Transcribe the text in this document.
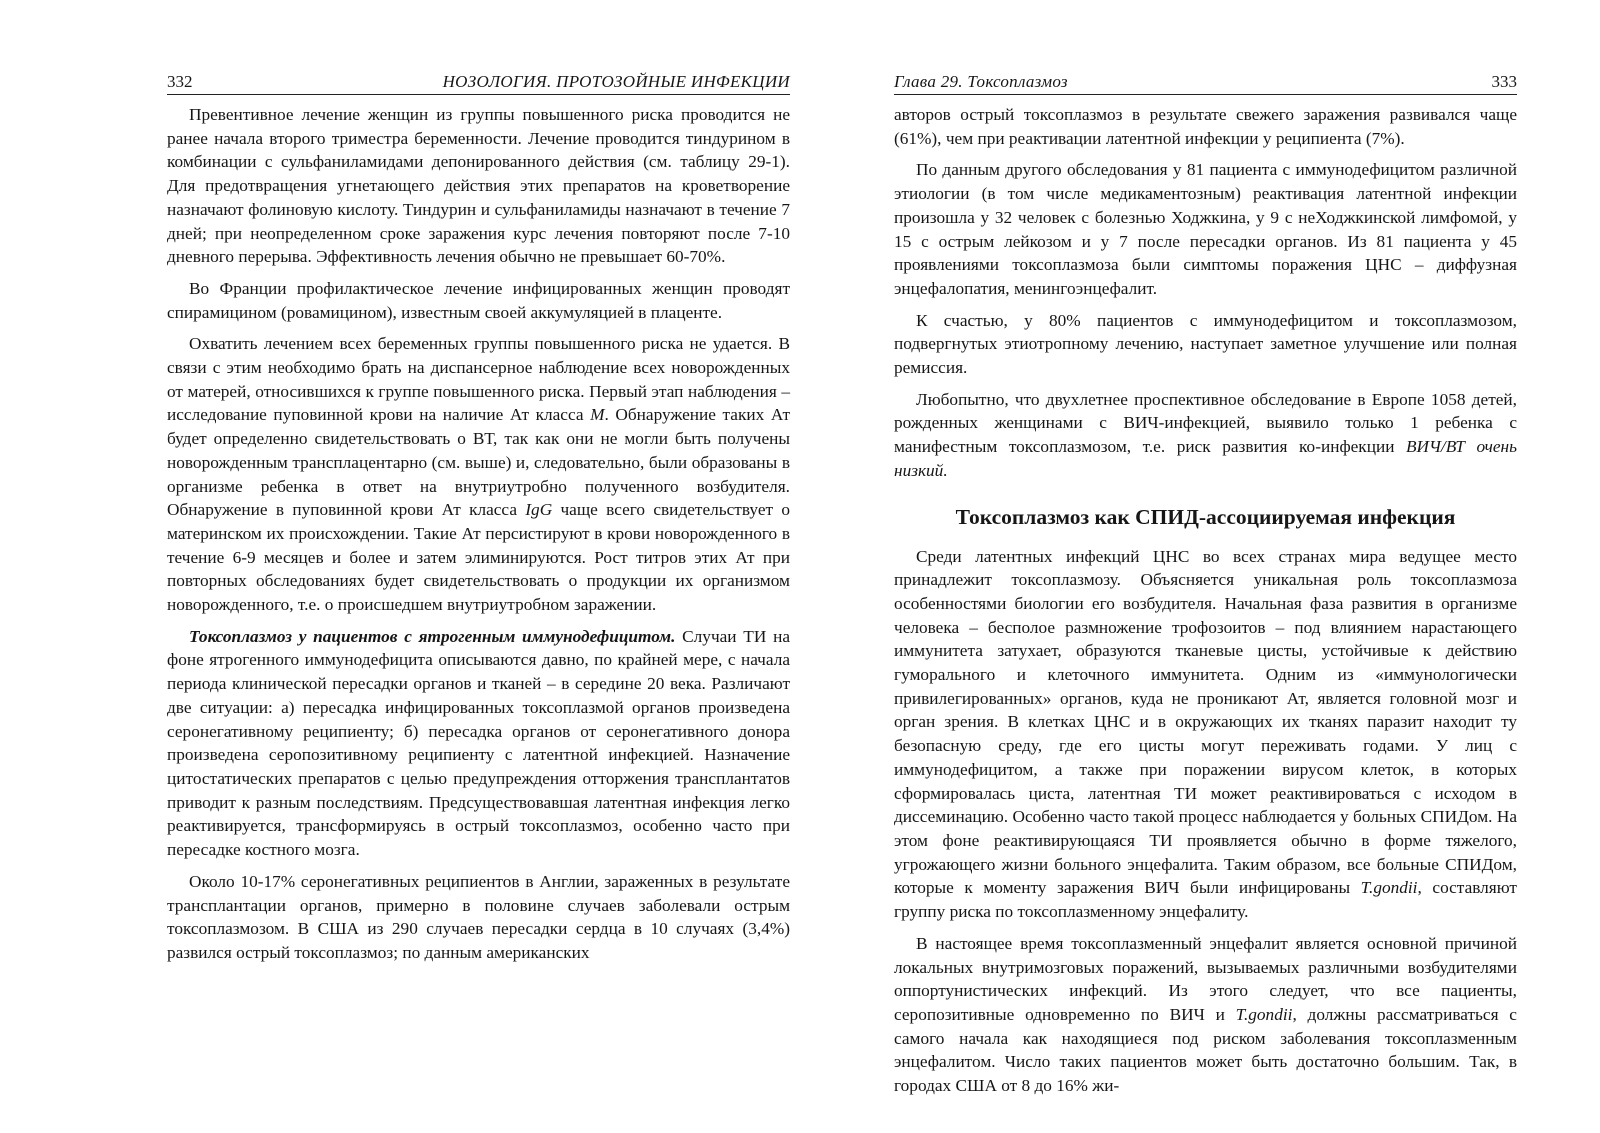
332	НОЗОЛОГИЯ. ПРОТОЗОЙНЫЕ ИНФЕКЦИИ

Превентивное лечение женщин из группы повышенного риска проводится не ранее начала второго триместра беременности. Лечение проводится тиндурином в комбинации с сульфаниламидами депонированного действия (см. таблицу 29-1). Для предотвращения угнетающего действия этих препаратов на кроветворение назначают фолиновую кислоту. Тиндурин и сульфаниламиды назначают в течение 7 дней; при неопределенном сроке заражения курс лечения повторяют после 7-10 дневного перерыва. Эффективность лечения обычно не превышает 60-70%.

Во Франции профилактическое лечение инфицированных женщин проводят спирамицином (ровамицином), известным своей аккумуляцией в плаценте.

Охватить лечением всех беременных группы повышенного риска не удается. В связи с этим необходимо брать на диспансерное наблюдение всех новорожденных от матерей, относившихся к группе повышенного риска. Первый этап наблюдения – исследование пуповинной крови на наличие Ат класса M. Обнаружение таких Ат будет определенно свидетельствовать о ВТ, так как они не могли быть получены новорожденным трансплацентарно (см. выше) и, следовательно, были образованы в организме ребенка в ответ на внутриутробно полученного возбудителя. Обнаружение в пуповинной крови Ат класса IgG чаще всего свидетельствует о материнском их происхождении. Такие Ат персистируют в крови новорожденного в течение 6-9 месяцев и более и затем элиминируются. Рост титров этих Ат при повторных обследованиях будет свидетельствовать о продукции их организмом новорожденного, т.е. о происшедшем внутриутробном заражении.

Токсоплазмоз у пациентов с ятрогенным иммунодефицитом. Случаи ТИ на фоне ятрогенного иммунодефицита описываются давно, по крайней мере, с начала периода клинической пересадки органов и тканей – в середине 20 века. Различают две ситуации: а) пересадка инфицированных токсоплазмой органов произведена серонегативному реципиенту; б) пересадка органов от серонегативного донора произведена серопозитивному реципиенту с латентной инфекцией. Назначение цитостатических препаратов с целью предупреждения отторжения трансплантатов приводит к разным последствиям. Предсуществовавшая латентная инфекция легко реактивируется, трансформируясь в острый токсоплазмоз, особенно часто при пересадке костного мозга.

Около 10-17% серонегативных реципиентов в Англии, зараженных в результате трансплантации органов, примерно в половине случаев заболевали острым токсоплазмозом. В США из 290 случаев пересадки сердца в 10 случаях (3,4%) развился острый токсоплазмоз; по данным американских

Глава 29. Токсоплазмоз	333

авторов острый токсоплазмоз в результате свежего заражения развивался чаще (61%), чем при реактивации латентной инфекции у реципиента (7%).

По данным другого обследования у 81 пациента с иммунодефицитом различной этиологии (в том числе медикаментозным) реактивация латентной инфекции произошла у 32 человек с болезнью Ходжкина, у 9 с неХоджкинской лимфомой, у 15 с острым лейкозом и у 7 после пересадки органов. Из 81 пациента у 45 проявлениями токсоплазмоза были симптомы поражения ЦНС – диффузная энцефалопатия, менингоэнцефалит.

К счастью, у 80% пациентов с иммунодефицитом и токсоплазмозом, подвергнутых этиотропному лечению, наступает заметное улучшение или полная ремиссия.

Любопытно, что двухлетнее проспективное обследование в Европе 1058 детей, рожденных женщинами с ВИЧ-инфекцией, выявило только 1 ребенка с манифестным токсоплазмозом, т.е. риск развития ко-инфекции ВИЧ/ВТ очень низкий.

Токсоплазмоз как СПИД-ассоциируемая инфекция

Среди латентных инфекций ЦНС во всех странах мира ведущее место принадлежит токсоплазмозу. Объясняется уникальная роль токсоплазмоза особенностями биологии его возбудителя. Начальная фаза развития в организме человека – бесполое размножение трофозоитов – под влиянием нарастающего иммунитета затухает, образуются тканевые цисты, устойчивые к действию гуморального и клеточного иммунитета. Одним из «иммунологически привилегированных» органов, куда не проникают Ат, является головной мозг и орган зрения. В клетках ЦНС и в окружающих их тканях паразит находит ту безопасную среду, где его цисты могут переживать годами. У лиц с иммунодефицитом, а также при поражении вирусом клеток, в которых сформировалась циста, латентная ТИ может реактивироваться с исходом в диссеминацию. Особенно часто такой процесс наблюдается у больных СПИДом. На этом фоне реактивирующаяся ТИ проявляется обычно в форме тяжелого, угрожающего жизни больного энцефалита. Таким образом, все больные СПИДом, которые к моменту заражения ВИЧ были инфицированы T.gondii, составляют группу риска по токсоплазменному энцефалиту.

В настоящее время токсоплазменный энцефалит является основной причиной локальных внутримозговых поражений, вызываемых различными возбудителями оппортунистических инфекций. Из этого следует, что все пациенты, серопозитивные одновременно по ВИЧ и T.gondii, должны рассматриваться с самого начала как находящиеся под риском заболевания токсоплазменным энцефалитом. Число таких пациентов может быть достаточно большим. Так, в городах США от 8 до 16% жи-
